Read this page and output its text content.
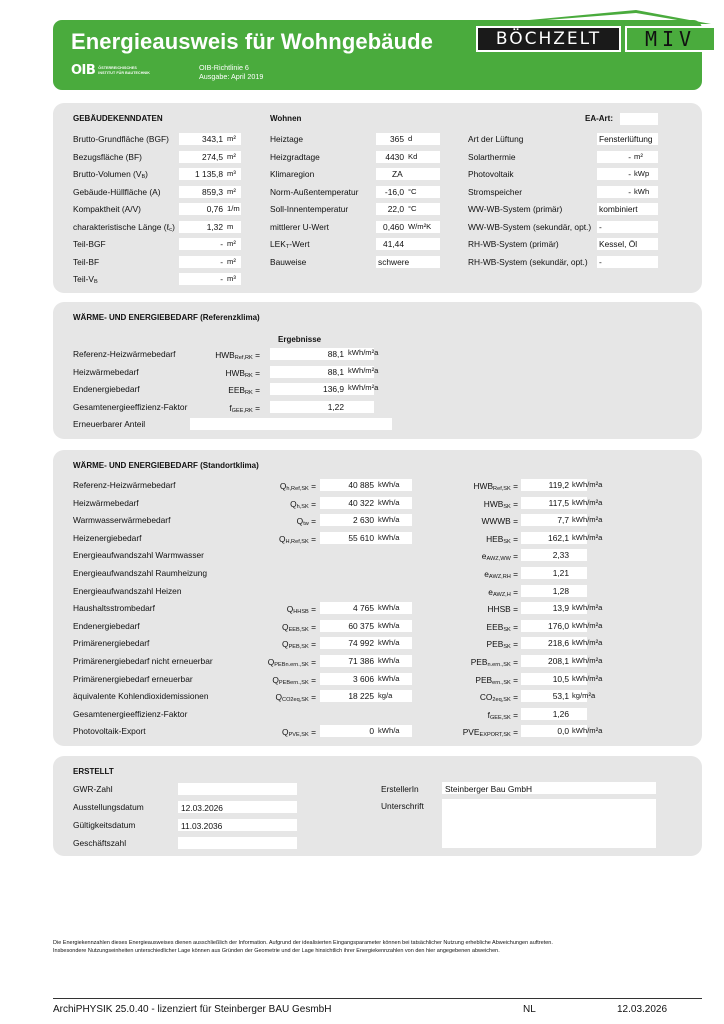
Energieausweis für Wohngebäude
OIB ÖSTERREICHISCHES
INSTITUT FÜR BAUTECHNIK
OIB-Richtlinie 6
Ausgabe: April 2019
BÖCHZELT	MIV
GEBÄUDEKENNDATEN	Wohnen	EA-Art:
Brutto-Grundfläche (BGF)	343,1 m²
Bezugsfläche (BF)	274,5 m²
Brutto-Volumen $(V_B)$	1 135,8 m³
Gebäude-Hüllfläche (A)	859,3 m²
Kompaktheit (A/V)	0,76 1/m
charakteristische Länge (ℓ$_c$)	1,32 m
Teil-BGF	- m²
Teil-BF	- m²
Teil-$V_B$	- m³
Heiztage	365 d
Heizgradtage	4430 Kd
Klimaregion	ZA
Norm-Außentemperatur	-16,0 °C
Soll-Innentemperatur	22,0 °C
mittlerer U-Wert	0,460 W/m²K
$LEK_T$-Wert	41,44
Bauweise	schwere
Art der Lüftung	Fensterlüftung
Solarthermie	- m²
Photovoltaik	- kWp
Stromspeicher	- kWh
WW-WB-System (primär)	kombiniert
WW-WB-System (sekundär, opt.) -
RH-WB-System (primär)	Kessel, Öl
RH-WB-System (sekundär, opt.) -
WÄRME- UND ENERGIEBEDARF (Referenzklima)
Ergebnisse
Referenz-Heizwärmebedarf	$HWB_{Ref,RK}$ =	88,1 kWh/m²a
Heizwärmebedarf	$HWB_{RK}$ =	88,1 kWh/m²a
Endenergiebedarf	$EEB_{RK}$ =	136,9 kWh/m²a
Gesamtenergieeffizienz-Faktor	$f_{GEE,RK}$ =	1,22
Erneuerbarer Anteil
WÄRME- UND ENERGIEBEDARF (Standortklima)
Referenz-Heizwärmebedarf	$Q_{h,Ref,SK}$ =	40 885 kWh/a	$HWB_{Ref,SK}$ =	119,2 kWh/m²a
Heizwärmebedarf	$Q_{h,SK}$ =	40 322 kWh/a	$HWB_{SK}$ =	117,5 kWh/m²a
Warmwasserwärmebedarf	$Q_{tw}$ =	2 630 kWh/a	WWWB =	7,7 kWh/m²a
Heizenergiebedarf	$Q_{H,Ref,SK}$ =	55 610 kWh/a	$HEB_{SK}$ =	162,1 kWh/m²a
Energieaufwandszahl Warmwasser	$e_{AWZ,WW}$ =	2,33
Energieaufwandszahl Raumheizung	$e_{AWZ,RH}$ =	1,21
Energieaufwandszahl Heizen	$e_{AWZ,H}$ =	1,28
Haushaltsstrombedarf	$Q_{HHSB}$ =	4 765 kWh/a	HHSB =	13,9 kWh/m²a
Endenergiebedarf	$Q_{EEB,SK}$ =	60 375 kWh/a	$EEB_{SK}$ =	176,0 kWh/m²a
Primärenergiebedarf	$Q_{PEB,SK}$ =	74 992 kWh/a	$PEB_{SK}$ =	218,6 kWh/m²a
Primärenergiebedarf nicht erneuerbar	$Q_{PEBn.ern.,SK}$ =	71 386 kWh/a	$PEB_{n.ern.,SK}$ =	208,1 kWh/m²a
Primärenergiebedarf erneuerbar	$Q_{PEBern.,SK}$ =	3 606 kWh/a	$PEB_{ern.,SK}$ =	10,5 kWh/m²a
äquivalente Kohlendioxidemissionen	$Q_{CO2eq,SK}$ =	18 225 kg/a	$CO_{2eq,SK}$ =	53,1 kg/m²a
Gesamtenergieeffizienz-Faktor	$f_{GEE,SK}$ =	1,26
Photovoltaik-Export	$Q_{PVE,SK}$ =	0 kWh/a	$PVE_{EXPORT,SK}$ =	0,0 kWh/m²a
ERSTELLT
GWR-Zahl
Ausstellungsdatum	12.03.2026
Gültigkeitsdatum	11.03.2036
Geschäftszahl
ErstellerIn	Steinberger Bau GmbH
Unterschrift
Die Energiekennzahlen dieses Energieausweises dienen ausschließlich der Information. Aufgrund der idealisierten Eingangsparameter können bei tatsächlicher Nutzung erhebliche Abweichungen auftreten.
Insbesondere Nutzungseinheiten unterschiedlicher Lage können aus Gründen der Geometrie und der Lage hinsichtlich ihrer Energiekennzahlen von den hier angegebenen abweichen.
ArchiPHYSIK 25.0.40 - lizenziert für Steinberger BAU GesmbH	NL	12.03.2026
